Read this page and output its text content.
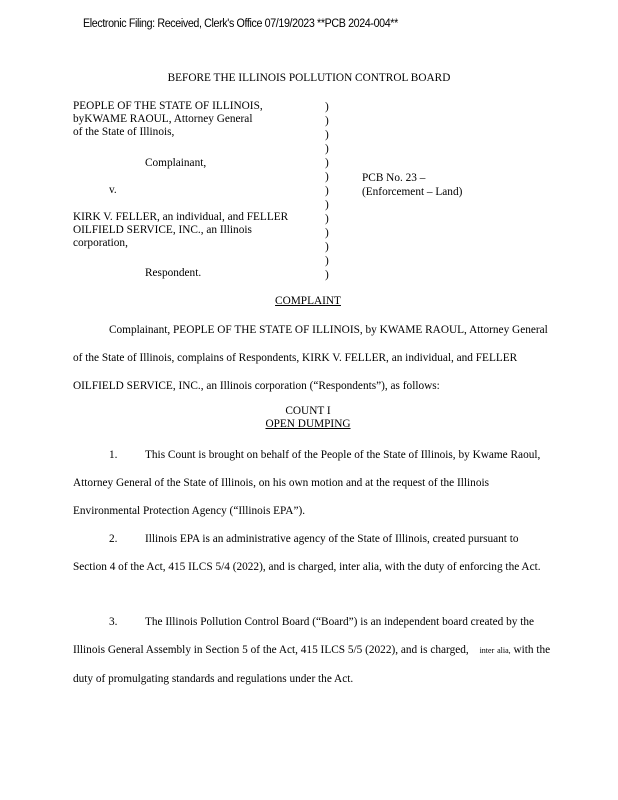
Electronic Filing: Received, Clerk's Office 07/19/2023 **PCB 2024-004**
BEFORE THE ILLINOIS POLLUTION CONTROL BOARD
PEOPLE OF THE STATE OF ILLINOIS,
byKWAME RAOUL, Attorney General
of the State of Illinois,
Complainant,
v.
KIRK V. FELLER, an individual, and FELLER
OILFIELD SERVICE, INC., an Illinois
corporation,
Respondent.
)
)
)
)
)
)
)
)
)
)
)
)
)
PCB No. 23 –
(Enforcement – Land)
COMPLAINT
Complainant, PEOPLE OF THE STATE OF ILLINOIS, by KWAME RAOUL, Attorney General of the State of Illinois, complains of Respondents, KIRK V. FELLER, an individual, and FELLER OILFIELD SERVICE, INC., an Illinois corporation (“Respondents”), as follows:
COUNT I
OPEN DUMPING
1. This Count is brought on behalf of the People of the State of Illinois, by Kwame Raoul, Attorney General of the State of Illinois, on his own motion and at the request of the Illinois Environmental Protection Agency (“Illinois EPA”).
2. Illinois EPA is an administrative agency of the State of Illinois, created pursuant to Section 4 of the Act, 415 ILCS 5/4 (2022), and is charged, inter alia, with the duty of enforcing the Act.
3. The Illinois Pollution Control Board (“Board”) is an independent board created by the Illinois General Assembly in Section 5 of the Act, 415 ILCS 5/5 (2022), and is charged, inter alia, with the duty of promulgating standards and regulations under the Act.
